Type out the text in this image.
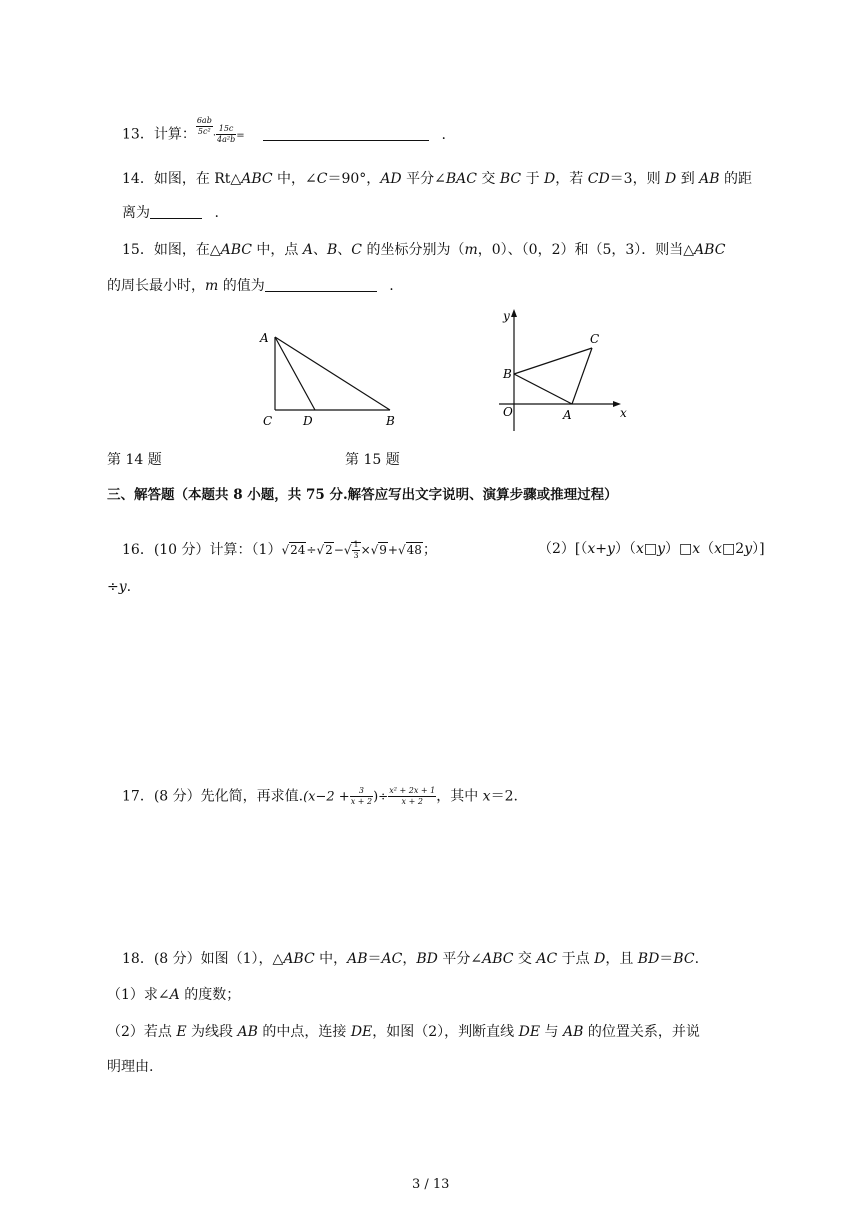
13．计算： $\frac{6ab}{\text{5c²}} \cdot \frac{15c}{\text{4a²b}}$ =	.
14．如图，在 Rt△ABC 中，∠C＝90°，AD 平分∠BAC 交 BC 于 D，若 CD＝3，则 D 到 AB 的距
离为	.
15．如图，在△ABC 中，点 A、B、C 的坐标分别为（m，0）、（0，2）和（5，3）．则当△ABC
的周长最小时，m 的值为	.
A
C	D	B
y
x
O	A
B
C
第 14 题	第 15 题
三、解答题（本题共 8 小题，共 75 分.解答应写出文字说明、演算步骤或推理过程）
16．(10 分）计算：$(1)√24\div√2-√ \frac{1}{3} \times√9+√48$；	（2）[（x+y）（x□y）□x（x□2y）]
÷y.
17．(8 分）先化简，再求值$.(x-2 + \frac{3}{x + 2}$ )÷ $\frac{\text{x² + 2x + 1}}{x + 2}$ ，其中 x＝2.
18．(8 分）如图（1），△ABC 中，AB＝AC，BD 平分∠ABC 交 AC 于点 D，且 BD＝BC.
（1）求∠A 的度数；
（2）若点 E 为线段 AB 的中点，连接 DE，如图（2），判断直线 DE 与 AB 的位置关系，并说
明理由.
3 / 13
